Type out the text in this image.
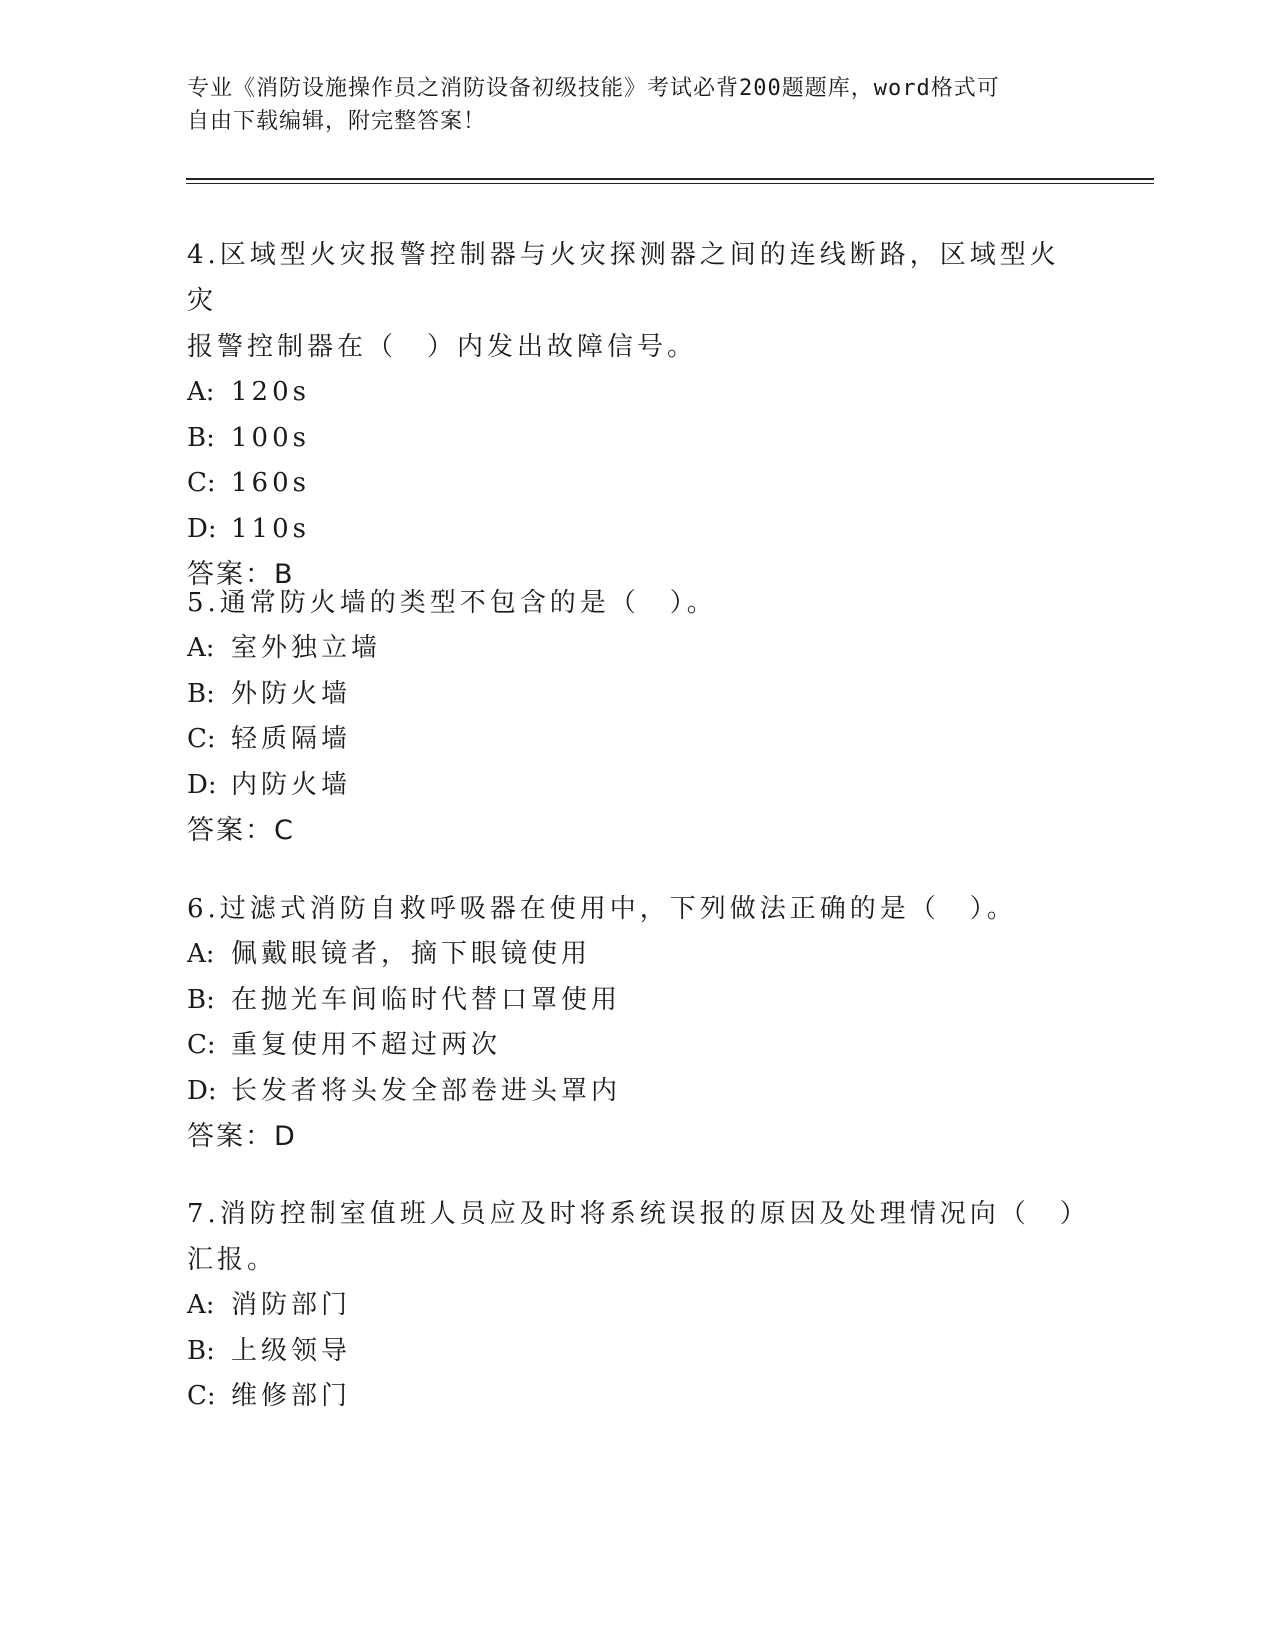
专业《消防设施操作员之消防设备初级技能》考试必背200题题库，word格式可
自由下载编辑，附完整答案！

4.区域型火灾报警控制器与火灾探测器之间的连线断路，区域型火灾

报警控制器在（　）内发出故障信号。

A: 120s

B: 100s

C: 160s

D: 110s

答案：B

5.通常防火墙的类型不包含的是（　）。

A: 室外独立墙

B: 外防火墙

C: 轻质隔墙

D: 内防火墙

答案：C

6.过滤式消防自救呼吸器在使用中，下列做法正确的是（　）。

A: 佩戴眼镜者，摘下眼镜使用

B: 在抛光车间临时代替口罩使用

C: 重复使用不超过两次

D: 长发者将头发全部卷进头罩内

答案：D

7.消防控制室值班人员应及时将系统误报的原因及处理情况向（　）

汇报。

A: 消防部门

B: 上级领导

C: 维修部门
